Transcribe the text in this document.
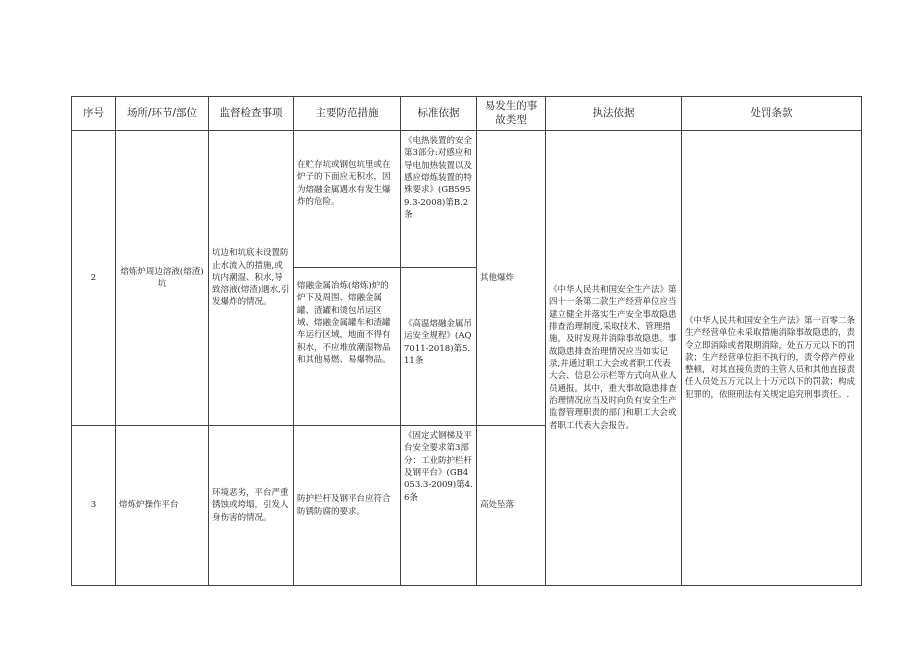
序号	场所/环节/部位	监督检查事项	主要防范措施	标准依据	易发生的事故类型	执法依据	处罚条款
2	熔炼炉周边溶液(熔渣)坑	坑边和坑底未设置防止水流入的措施,或坑内潮湿、积水,导致溶液(熔渣)遇水,引发爆炸的情况。	在贮存坑或钢包坑里或在炉子的下面应无积水，因为熔融金属遇水有发生爆炸的危险。	《电热装置的安全第3部分:对感应和导电加热装置以及感应熔炼装置的特殊要求》(GB5959.3-2008)第B.2条	其他爆炸	《中华人民共和国安全生产法》第四十一条第二款生产经营单位应当建立健全并落实生产安全事故隐患排查治理制度,采取技术、管理措施，及时发现并消除事故隐患。事故隐患排查治理情况应当如实记录,并通过职工大会或者职工代表大会、信息公示栏等方式向从业人员通报。其中，重大事故隐患排查治理情况应当及时向负有安全生产监督管理职责的部门和职工大会或者职工代表大会报告。	《中华人民共和国安全生产法》第一百零二条生产经营单位未采取措施消除事故隐患的，责令立即消除或者限期消除，处五万元以下的罚款；生产经营单位拒不执行的，责令停产停业整顿，对其直接负责的主管人员和其他直接责任人员处五万元以上十万元以下的罚款；构成犯罪的，依照刑法有关规定追究刑事责任。.
			熔融金属冶炼(熔炼)炉的炉下及周围、熔融金属罐、渣罐和烫包吊运区域、熔融金属罐车和渣罐车运行区域，地面不得有积水，不应堆放潮湿物品和其他易燃、易爆物品。	《高温熔融金属吊运安全规程》(AQ7011-2018)第5.11条			
3	熔炼炉操作平台	环境恶劣，平台严重锈蚀或垮塌，引发人身伤害的情况。	防护栏杆及钢平台应符合防锈防腐的要求。	《固定式钢梯及平台安全要求第3部分：工业防护栏杆及钢平台》(GB4053.3-2009)第4.6条	高处坠落		
